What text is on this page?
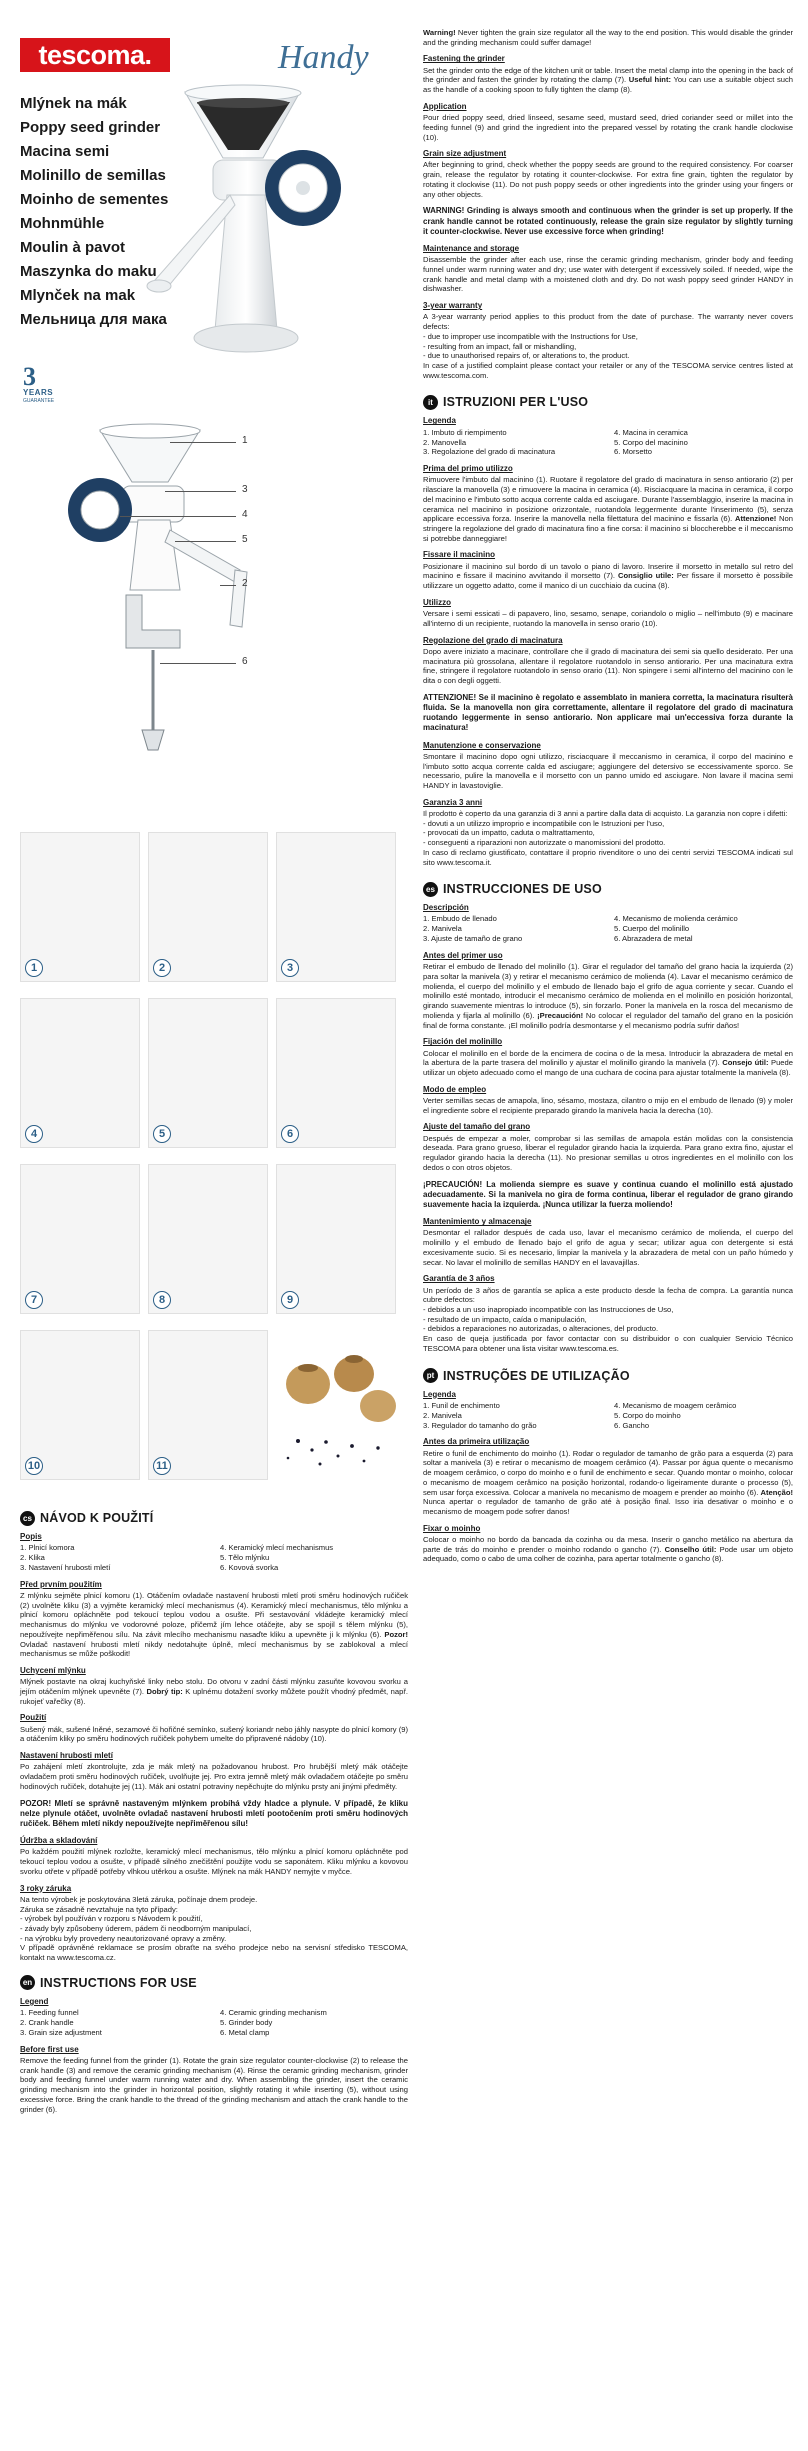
tescoma.	Handy
Mlýnek na mák
Poppy seed grinder
Macina semi
Molinillo de semillas
Moinho de sementes
Mohnmühle
Moulin à pavot
Maszynka do maku
Mlynček na mak
Мельница для мака
3
YEARS
GUARANTEE
1
3
4
5
2
6
1	2	3
4	5	6
7	8	9
10	11
cs NÁVOD K POUŽITÍ
Popis
1. Plnicí komora	4. Keramický mlecí mechanismus
2. Klika	5. Tělo mlýnku
3. Nastavení hrubosti mletí	6. Kovová svorka
Před prvním použitím

Z mlýnku sejměte plnicí komoru (1). Otáčením ovladače nastavení hrubosti mletí proti směru hodinových ručiček (2) uvolněte kliku (3) a vyjměte keramický mlecí mechanismus (4). Keramický mlecí mechanismus, tělo mlýnku a plnicí komoru opláchněte pod tekoucí teplou vodou a osušte. Při sestavování vkládejte keramický mlecí mechanismus do mlýnku ve vodorovné poloze, přičemž jím lehce otáčejte, aby se spojil s tělem mlýnku (5), nepoužívejte nepřiměřenou sílu. Na závit mlecího mechanismu nasaďte kliku a upevněte ji k mlýnku (6). Pozor! Ovladač nastavení hrubosti mletí nikdy nedotahujte úplně, mlecí mechanismus by se zablokoval a mlecí mechanismus se může poškodit!

Uchycení mlýnku

Mlýnek postavte na okraj kuchyňské linky nebo stolu. Do otvoru v zadní části mlýnku zasuňte kovovou svorku a jejím otáčením mlýnek upevněte (7). Dobrý tip: K uplnému dotažení svorky můžete použít vhodný předmět, např. rukojeť vařečky (8).

Použití

Sušený mák, sušené lněné, sezamové či hořičné semínko, sušený koriandr nebo jáhly nasypte do plnicí komory (9) a otáčením kliky po směru hodinových ručiček pohybem umelte do připravené nádoby (10).

Nastavení hrubosti mletí

Po zahájení mletí zkontrolujte, zda je mák mletý na požadovanou hrubost. Pro hrubější mletý mák otáčejte ovladačem proti směru hodinových ručiček, uvolňujte jej. Pro extra jemně mletý mák ovladačem otáčejte po směru hodinových ručiček, dotahujte jej (11). Mák ani ostatní potraviny nepěchujte do mlýnku prsty ani jinými předměty.

POZOR! Mletí se správně nastaveným mlýnkem probíhá vždy hladce a plynule. V případě, že kliku nelze plynule otáčet, uvolněte ovladač nastavení hrubosti mletí pootočením proti směru hodinových ručiček. Během mletí nikdy nepoužívejte nepřiměřenou sílu!

Údržba a skladování

Po každém použití mlýnek rozložte, keramický mlecí mechanismus, tělo mlýnku a plnicí komoru opláchněte pod tekoucí teplou vodou a osušte, v případě silného znečištění použijte vodu se saponátem. Kliku mlýnku a kovovou svorku otřete v případě potřeby vlhkou utěrkou a osušte. Mlýnek na mák HANDY nemyjte v myčce.

3 roky záruka

Na tento výrobek je poskytována 3letá záruka, počínaje dnem prodeje.
Záruka se zásadně nevztahuje na tyto případy:
- výrobek byl používán v rozporu s Návodem k použití,
- závady byly způsobeny úderem, pádem či neodborným manipulací,
- na výrobku byly provedeny neautorizované opravy a změny.
V případě oprávněné reklamace se prosím obraťte na svého prodejce nebo na servisní středisko TESCOMA, kontakt na www.tescoma.cz.

en INSTRUCTIONS FOR USE
Legend
1. Feeding funnel	4. Ceramic grinding mechanism
2. Crank handle	5. Grinder body
3. Grain size adjustment	6. Metal clamp
Before first use

Remove the feeding funnel from the grinder (1). Rotate the grain size regulator counter-clockwise (2) to release the crank handle (3) and remove the ceramic grinding mechanism (4). Rinse the ceramic grinding mechanism, grinder body and feeding funnel under warm running water and dry. When assembling the grinder, insert the ceramic grinding mechanism into the grinder in horizontal position, slightly rotating it while inserting (5), without using excessive force. Bring the crank handle to the thread of the grinding mechanism and attach the crank handle to the grinder (6).

Warning! Never tighten the grain size regulator all the way to the end position. This would disable the grinder and the grinding mechanism could suffer damage!

Fastening the grinder

Set the grinder onto the edge of the kitchen unit or table. Insert the metal clamp into the opening in the back of the grinder and fasten the grinder by rotating the clamp (7). Useful hint: You can use a suitable object such as the handle of a cooking spoon to fully tighten the clamp (8).

Application

Pour dried poppy seed, dried linseed, sesame seed, mustard seed, dried coriander seed or millet into the feeding funnel (9) and grind the ingredient into the prepared vessel by rotating the crank handle clockwise (10).

Grain size adjustment

After beginning to grind, check whether the poppy seeds are ground to the required consistency. For coarser grain, release the regulator by rotating it counter-clockwise. For extra fine grain, tighten the regulator by rotating it clockwise (11). Do not push poppy seeds or other ingredients into the grinder using your fingers or any other objects.

WARNING! Grinding is always smooth and continuous when the grinder is set up properly. If the crank handle cannot be rotated continuously, release the grain size regulator by slightly turning it counter-clockwise. Never use excessive force when grinding!

Maintenance and storage

Disassemble the grinder after each use, rinse the ceramic grinding mechanism, grinder body and feeding funnel under warm running water and dry; use water with detergent if excessively soiled. If needed, wipe the crank handle and metal clamp with a moistened cloth and dry. Do not wash poppy seed grinder HANDY in dishwasher.

3-year warranty

A 3-year warranty period applies to this product from the date of purchase. The warranty never covers defects:
- due to improper use incompatible with the Instructions for Use,
- resulting from an impact, fall or mishandling,
- due to unauthorised repairs of, or alterations to, the product.
In case of a justified complaint please contact your retailer or any of the TESCOMA service centres listed at www.tescoma.com.

it ISTRUZIONI PER L'USO
Legenda
1. Imbuto di riempimento	4. Macina in ceramica
2. Manovella	5. Corpo del macinino
3. Regolazione del grado di macinatura	6. Morsetto
Prima del primo utilizzo

Rimuovere l'imbuto dal macinino (1). Ruotare il regolatore del grado di macinatura in senso antiorario (2) per rilasciare la manovella (3) e rimuovere la macina in ceramica (4). Risciacquare la macina in ceramica, il corpo del macinino e l'imbuto sotto acqua corrente calda ed asciugare. Durante l'assemblaggio, inserire la macina in ceramica nel macinino in posizione orizzontale, ruotandola leggermente durante l'inserimento (5), senza applicare eccessiva forza. Inserire la manovella nella filettatura del macinino e fissarla (6). Attenzione! Non stringere la regolazione del grado di macinatura fino a fine corsa: il macinino si bloccherebbe e il meccanismo si potrebbe danneggiare!

Fissare il macinino

Posizionare il macinino sul bordo di un tavolo o piano di lavoro. Inserire il morsetto in metallo sul retro del macinino e fissare il macinino avvitando il morsetto (7). Consiglio utile: Per fissare il morsetto è possibile utilizzare un oggetto adatto, come il manico di un cucchiaio da cucina (8).

Utilizzo

Versare i semi essicati – di papavero, lino, sesamo, senape, coriandolo o miglio – nell'imbuto (9) e macinare all'interno di un recipiente, ruotando la manovella in senso orario (10).

Regolazione del grado di macinatura

Dopo avere iniziato a macinare, controllare che il grado di macinatura dei semi sia quello desiderato. Per una macinatura più grossolana, allentare il regolatore ruotandolo in senso antiorario. Per una macinatura extra fine, stringere il regolatore ruotandolo in senso orario (11). Non spingere i semi all'interno del macinino con le dita o con degli oggetti.

ATTENZIONE! Se il macinino è regolato e assemblato in maniera corretta, la macinatura risulterà fluida. Se la manovella non gira correttamente, allentare il regolatore del grado di macinatura ruotando leggermente in senso antiorario. Non applicare mai un'eccessiva forza durante la macinatura!

Manutenzione e conservazione

Smontare il macinino dopo ogni utilizzo, risciacquare il meccanismo in ceramica, il corpo del macinino e l'imbuto sotto acqua corrente calda ed asciugare; aggiungere del detersivo se eccessivamente sporco. Se necessario, pulire la manovella e il morsetto con un panno umido ed asciugare. Non lavare il macina semi HANDY in lavastoviglie.

Garanzia 3 anni

Il prodotto è coperto da una garanzia di 3 anni a partire dalla data di acquisto. La garanzia non copre i difetti:
- dovuti a un utilizzo improprio e incompatibile con le Istruzioni per l'uso,
- provocati da un impatto, caduta o maltrattamento,
- conseguenti a riparazioni non autorizzate o manomissioni del prodotto.
In caso di reclamo giustificato, contattare il proprio rivenditore o uno dei centri servizi TESCOMA indicati sul sito www.tescoma.it.

es INSTRUCCIONES DE USO
Descripción
1. Embudo de llenado	4. Mecanismo de molienda cerámico
2. Manivela	5. Cuerpo del molinillo
3. Ajuste de tamaño de grano	6. Abrazadera de metal
Antes del primer uso

Retirar el embudo de llenado del molinillo (1). Girar el regulador del tamaño del grano hacia la izquierda (2) para soltar la manivela (3) y retirar el mecanismo cerámico de molienda (4). Lavar el mecanismo cerámico de molienda, el cuerpo del molinillo y el embudo de llenado bajo el grifo de agua corriente y secar. Cuando el molinillo esté montado, introducir el mecanismo cerámico de molienda en el molinillo en posición horizontal, girando suavemente mientras lo introduce (5), sin forzarlo. Poner la manivela en la rosca del mecanismo de molienda y fijarla al molinillo (6). ¡Precaución! No colocar el regulador del tamaño del grano en la posición final de forma constante. ¡El molinillo podría desmontarse y el mecanismo podría sufrir daños!

Fijación del molinillo

Colocar el molinillo en el borde de la encimera de cocina o de la mesa. Introducir la abrazadera de metal en la abertura de la parte trasera del molinillo y ajustar el molinillo girando la manivela (7). Consejo útil: Puede utilizar un objeto adecuado como el mango de una cuchara de cocina para ajustar totalmente la manivela (8).

Modo de empleo

Verter semillas secas de amapola, lino, sésamo, mostaza, cilantro o mijo en el embudo de llenado (9) y moler el ingrediente sobre el recipiente preparado girando la manivela hacia la derecha (10).

Ajuste del tamaño del grano

Después de empezar a moler, comprobar si las semillas de amapola están molidas con la consistencia deseada. Para grano grueso, liberar el regulador girando hacia la izquierda. Para grano extra fino, ajustar el regulador girando hacia la derecha (11). No presionar semillas u otros ingredientes en el molinillo con los dedos o con otros objetos.

¡PRECAUCIÓN! La molienda siempre es suave y continua cuando el molinillo está ajustado adecuadamente. Si la manivela no gira de forma continua, liberar el regulador de grano girando suavemente hacia la izquierda. ¡Nunca utilizar la fuerza moliendo!

Mantenimiento y almacenaje

Desmontar el rallador después de cada uso, lavar el mecanismo cerámico de molienda, el cuerpo del molinillo y el embudo de llenado bajo el grifo de agua y secar; utilizar agua con detergente si está excesivamente sucio. Si es necesario, limpiar la manivela y la abrazadera de metal con un paño húmedo y secar. No lavar el molinillo de semillas HANDY en el lavavajillas.

Garantía de 3 años

Un período de 3 años de garantía se aplica a este producto desde la fecha de compra. La garantía nunca cubre defectos:
- debidos a un uso inapropiado incompatible con las Instrucciones de Uso,
- resultado de un impacto, caída o manipulación,
- debidos a reparaciones no autorizadas, o alteraciones, del producto.
En caso de queja justificada por favor contactar con su distribuidor o con cualquier Servicio Técnico TESCOMA para obtener una lista visitar www.tescoma.es.

pt INSTRUÇÕES DE UTILIZAÇÃO
Legenda
1. Funil de enchimento	4. Mecanismo de moagem cerâmico
2. Manivela	5. Corpo do moinho
3. Regulador do tamanho do grão	6. Gancho
Antes da primeira utilização

Retire o funil de enchimento do moinho (1). Rodar o regulador de tamanho de grão para a esquerda (2) para soltar a manivela (3) e retirar o mecanismo de moagem cerâmico (4). Passar por água quente o mecanismo de moagem cerâmico, o corpo do moinho e o funil de enchimento e secar. Quando montar o moinho, colocar o mecanismo de moagem cerâmico na posição horizontal, rodando-o ligeiramente durante o processo (5), sem usar força excessiva. Colocar a manivela no mecanismo de moagem e prender ao moinho (6). Atenção! Nunca apertar o regulador de tamanho de grão até à posição final. Isso iria desativar o moinho e o mecanismo de moagem pode sofrer danos!

Fixar o moinho

Colocar o moinho no bordo da bancada da cozinha ou da mesa. Inserir o gancho metálico na abertura da parte de trás do moinho e prender o moinho rodando o gancho (7). Conselho útil: Pode usar um objeto adequado, como o cabo de uma colher de cozinha, para apertar totalmente o gancho (8).
